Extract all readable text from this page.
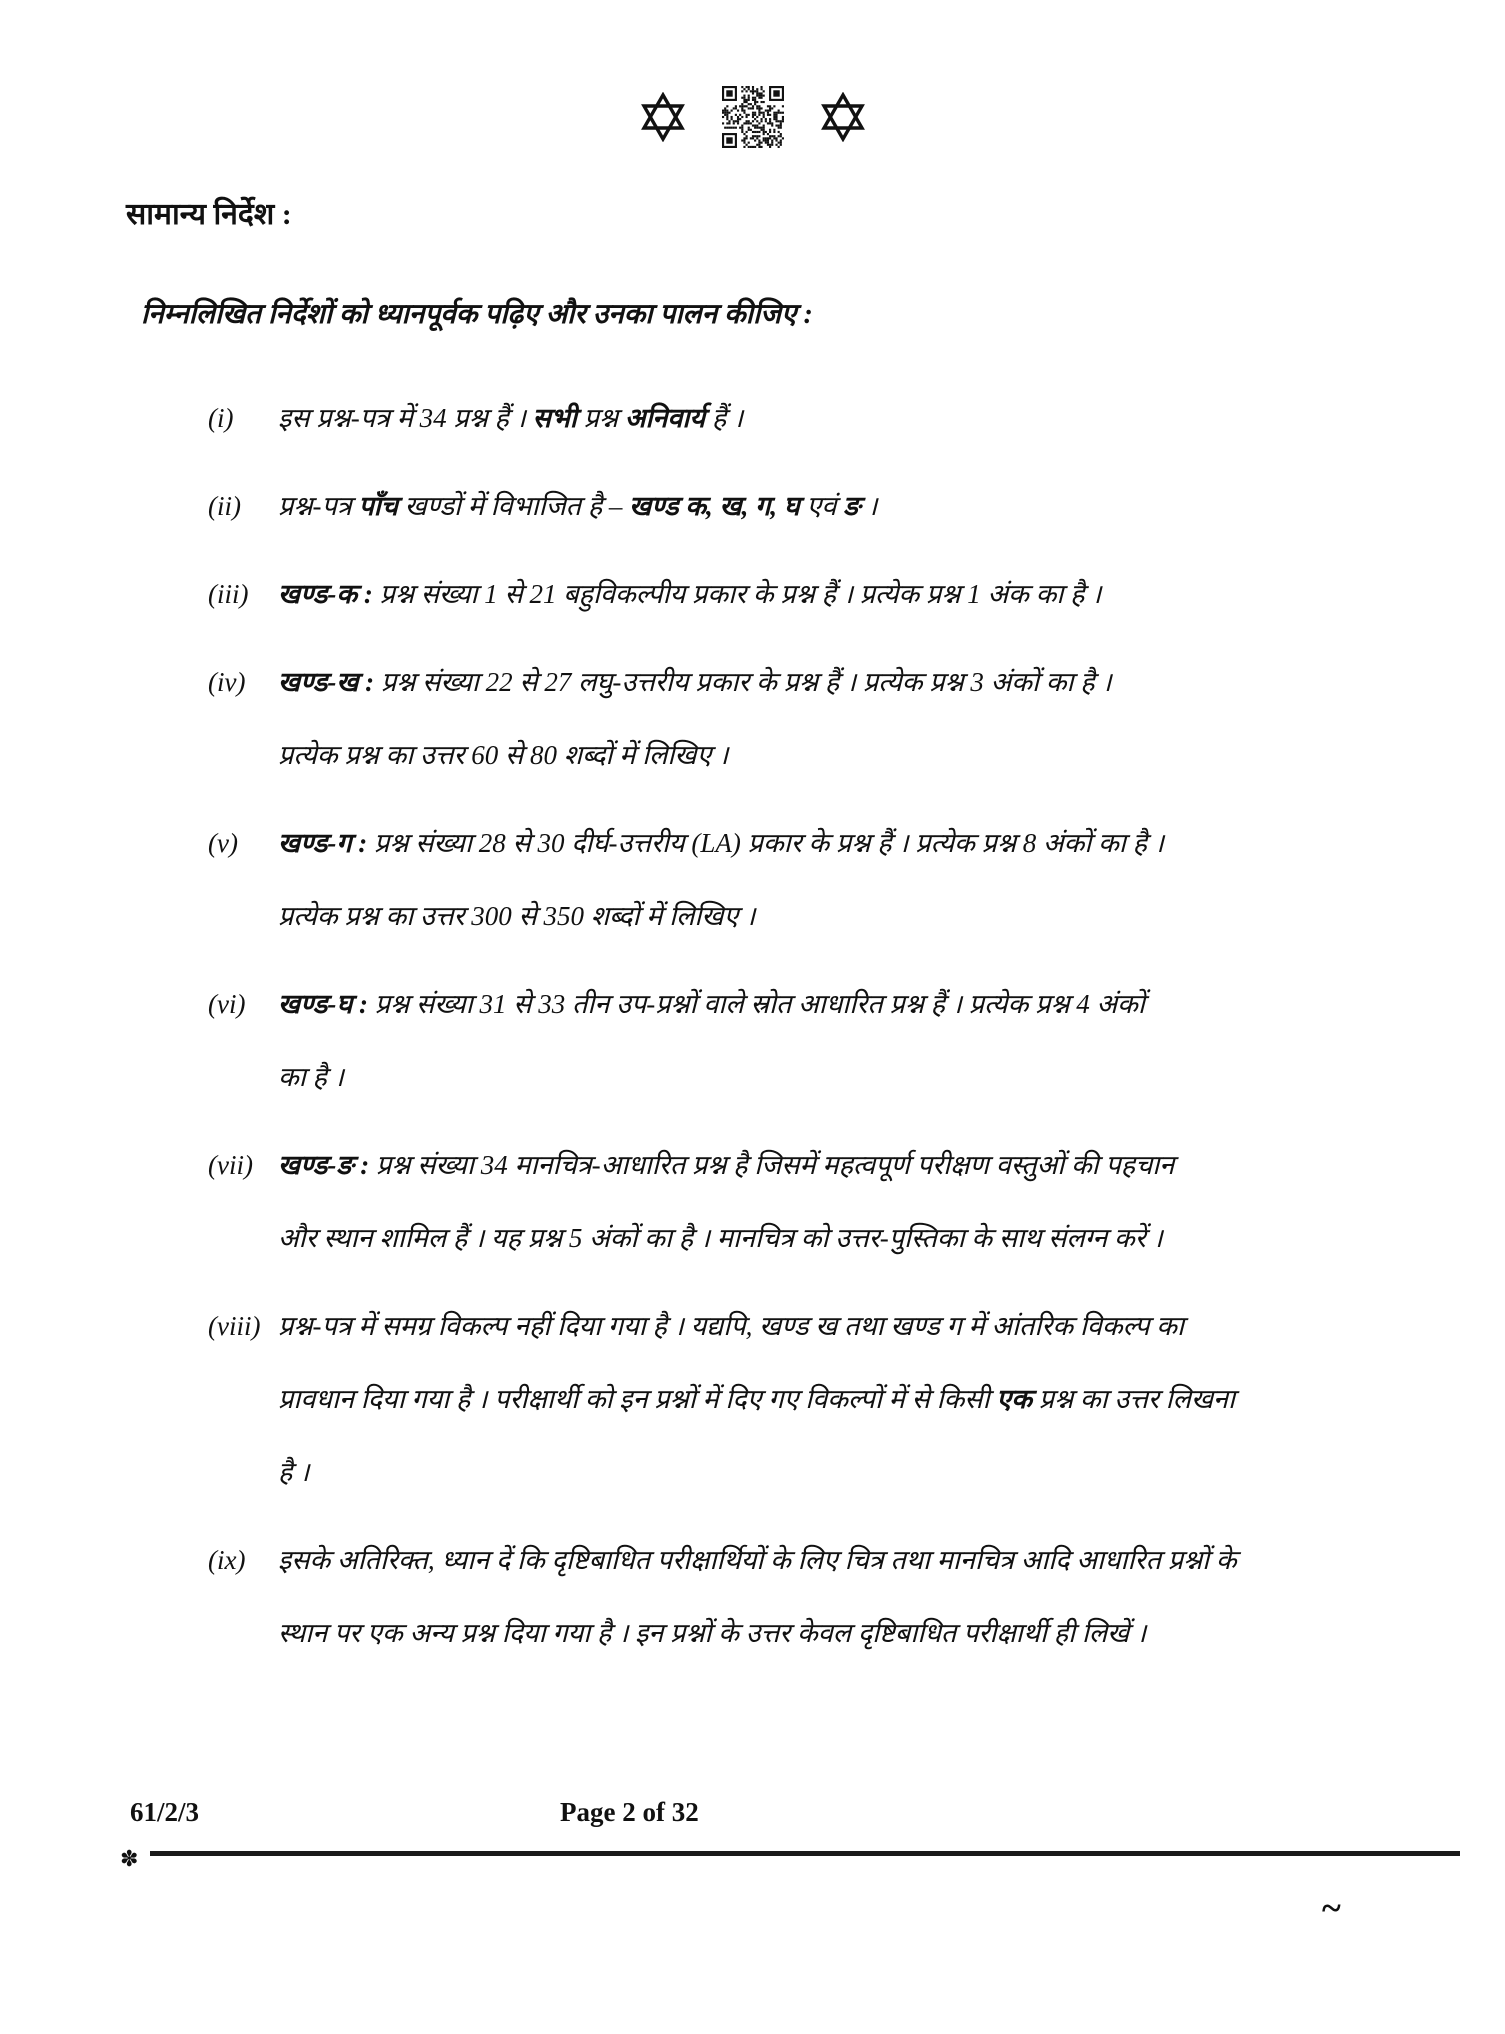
सामान्य निर्देश :

निम्नलिखित निर्देशों को ध्यानपूर्वक पढ़िए और उनका पालन कीजिए :

(i)	इस प्रश्न-पत्र में 34 प्रश्न हैं । सभी प्रश्न अनिवार्य हैं ।
(ii)	प्रश्न-पत्र पाँच खण्डों में विभाजित है – खण्ड क, ख, ग, घ एवं ङ ।
(iii)	खण्ड-क : प्रश्न संख्या 1 से 21 बहुविकल्पीय प्रकार के प्रश्न हैं । प्रत्येक प्रश्न 1 अंक का है ।
(iv)	खण्ड-ख : प्रश्न संख्या 22 से 27 लघु-उत्तरीय प्रकार के प्रश्न हैं । प्रत्येक प्रश्न 3 अंकों का है ।
प्रत्येक प्रश्न का उत्तर 60 से 80 शब्दों में लिखिए ।
(v)	खण्ड-ग : प्रश्न संख्या 28 से 30 दीर्घ-उत्तरीय (LA) प्रकार के प्रश्न हैं । प्रत्येक प्रश्न 8 अंकों का है ।
प्रत्येक प्रश्न का उत्तर 300 से 350 शब्दों में लिखिए ।
(vi)	खण्ड-घ : प्रश्न संख्या 31 से 33 तीन उप-प्रश्नों वाले स्रोत आधारित प्रश्न हैं । प्रत्येक प्रश्न 4 अंकों
का है ।
(vii) खण्ड-ङ : प्रश्न संख्या 34 मानचित्र-आधारित प्रश्न है जिसमें महत्वपूर्ण परीक्षण वस्तुओं की पहचान
और स्थान शामिल हैं । यह प्रश्न 5 अंकों का है । मानचित्र को उत्तर-पुस्तिका के साथ संलग्न करें ।
(viii) प्रश्न-पत्र में समग्र विकल्प नहीं दिया गया है । यद्यपि, खण्ड ख तथा खण्ड ग में आंतरिक विकल्प का
प्रावधान दिया गया है । परीक्षार्थी को इन प्रश्नों में दिए गए विकल्पों में से किसी एक प्रश्न का उत्तर लिखना
है ।
(ix)	इसके अतिरिक्त, ध्यान दें कि दृष्टिबाधित परीक्षार्थियों के लिए चित्र तथा मानचित्र आदि आधारित प्रश्नों के
स्थान पर एक अन्य प्रश्न दिया गया है । इन प्रश्नों के उत्तर केवल दृष्टिबाधित परीक्षार्थी ही लिखें ।
61/2/3	Page 2 of 32
✽
~
